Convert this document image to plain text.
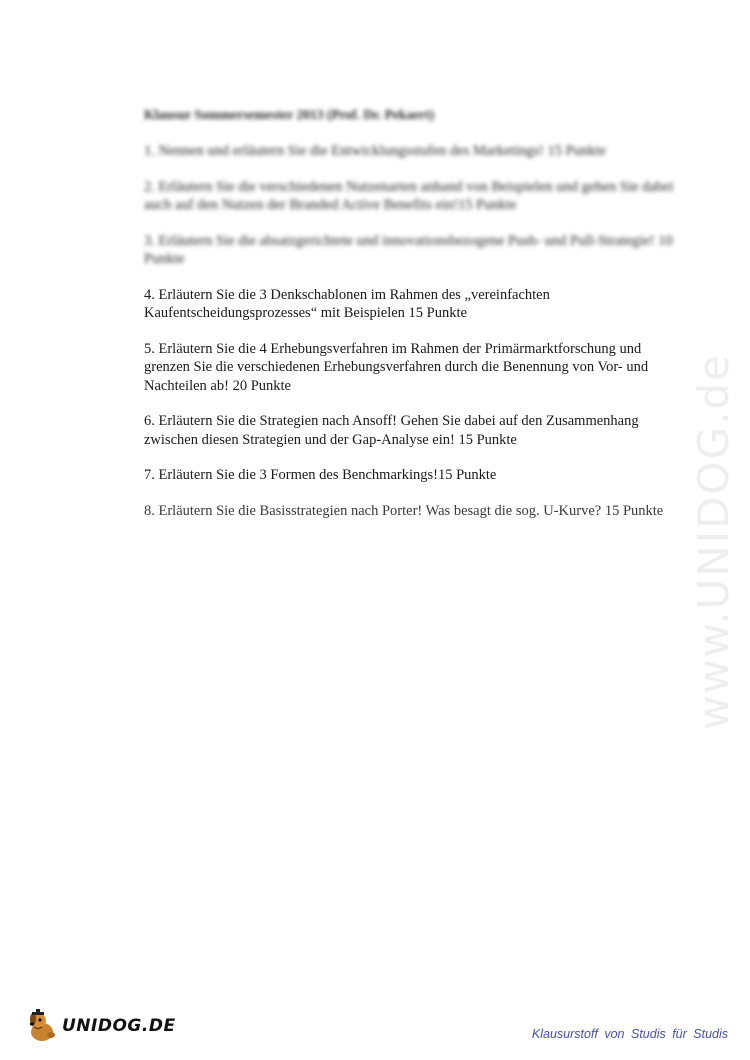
Klausur Sommersemester 2013 (Prof. Dr. Pekaert)

1. Nennen und erläutern Sie die Entwicklungsstufen des Marketings! 15 Punkte

2. Erläutern Sie die verschiedenen Nutzenarten anhand von Beispielen und gehen Sie dabei auch auf den Nutzen der Branded Active Benefits ein!15 Punkte

3. Erläutern Sie die absatzgerichtete und innovationsbezogene Push- und Pull-Strategie! 10 Punkte

4. Erläutern Sie die 3 Denkschablonen im Rahmen des „vereinfachten Kaufentscheidungsprozesses“ mit Beispielen 15 Punkte

5. Erläutern Sie die 4 Erhebungsverfahren im Rahmen der Primärmarktforschung und grenzen Sie die verschiedenen Erhebungsverfahren durch die Benennung von Vor- und Nachteilen ab! 20 Punkte

6. Erläutern Sie die Strategien nach Ansoff! Gehen Sie dabei auf den Zusammenhang zwischen diesen Strategien und der Gap-Analyse ein! 15 Punkte

7. Erläutern Sie die 3 Formen des Benchmarkings!15 Punkte

8. Erläutern Sie die Basisstrategien nach Porter! Was besagt die sog. U-Kurve? 15 Punkte www.UNIDOG.de
UNIDOG.DE	Klausurstoff von Studis für Studis
